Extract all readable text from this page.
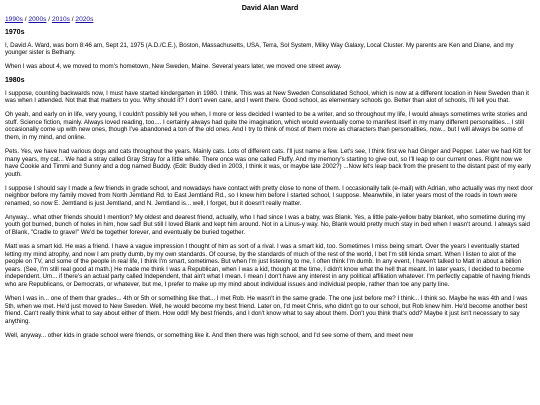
David Alan Ward
1990s / 2000s / 2010s / 2020s
1970s

I, David A. Ward, was born 8:46 am, Sept 21, 1975 (A.D./C.E.), Boston, Massachusetts, USA, Terra, Sol System, Milky Way Galaxy, Local Cluster. My parents are Ken and Diane, and my younger sister is Bethany.

When I was about 4, we moved to mom's hometown, New Sweden, Maine. Several years later, we moved one street away.

1980s

I suppose, counting backwards now, I must have started kindergarten in 1980. I think. This was at New Sweden Consolidated School, which is now at a different location in New Sweden than it was when I attended. Not that that matters to you. Why should it? I don't even care, and I went there. Good school, as elementary schools go. Better than alot of schools, I'll tell you that.

Oh yeah, and early on in life, very young, I couldn't possibly tell you when, I more or less decided I wanted to be a writer, and so throughout my life, I would always sometimes write stories and stuff. Science fiction, mainly. Always loved reading, too.... I certainly always had quite the imagination, which would eventually come to manifest itself in my many different personalities... I still occasionally come up with new ones, though I've abandoned a ton of the old ones. And I try to think of most of them more as characters than personalities, now... but I will always be some of them, in my mind, and online.

Pets. Yes, we have had various dogs and cats throughout the years. Mainly cats. Lots of different cats. I'll just name a few. Let's see, I think first we had Ginger and Pepper. Later we had Kitt for many years, my cat... We had a stray called Gray Stray for a little while. There once was one called Fluffy. And my memory's starting to give out, so I'll leap to our current ones. Right now we have Cookie and Timmi and Sunny and a dog named Buddy. (Edit: Buddy died in 2003, I think it was, or maybe late 2002?) ...Now let's leap back from the present to the distant past of my early youth.

I suppose I should say I made a few friends in grade school, and nowadays have contact with pretty close to none of them. I occasionally talk (e-mail) with Adrian, who actually was my next door neighbor before my family moved from North Jemtland Rd. to East Jemtland Rd., so I knew him before I started school, I suppose. Meanwhile, in later years most of the roads in town were renamed, so now E. Jemtland is just Jemtland, and N. Jemtland is... well, I forget, but it doesn't really matter.

Anyway... what other friends should I mention? My oldest and dearest friend, actually, who I had since I was a baby, was Blank. Yes, a little pale-yellow baby blanket, who sometime during my youth got burned, bunch of holes in him, how sad! But still I loved Blank and kept him around. Not in a Linus-y way. No, Blank would pretty much stay in bed when I wasn't around. I always said of Blank, "Cradle to grave!" We'd be together forever, and eventually be buried together.

Matt was a smart kid. He was a friend. I have a vague impression I thought of him as sort of a rival. I was a smart kid, too. Sometimes I miss being smart. Over the years I eventually started letting my mind atrophy, and now I am pretty dumb, by my own standards. Of course, by the standards of much of the rest of the world, I bet I'm still kinda smart. When I listen to alot of the people on TV, and some of the people in real life, I think I'm smart, sometimes. But when I'm just listening to me, I often think I'm dumb. In any event, I haven't talked to Matt in about a billion years. (See, I'm still real good at math.) He made me think I was a Republican, when I was a kid, though at the time, I didn't know what the hell that meant. In later years, I decided to become independent. Um... if there's an actual party called Independent, that ain't what I mean. I mean I don't have any interest in any political affiliation whatever. I'm perfectly capable of having friends who are Republicans, or Democrats, or whatever, but me, I prefer to make up my mind about individual issues and individual people, rather than toe any party line.

When I was in... one of them thar grades... 4th or 5th or something like that... I met Rob. He wasn't in the same grade. The one just before me? I think... I think so. Maybe he was 4th and I was 5th, when we met. He'd just moved to New Sweden. Well, he would become my best friend. Later on, I'd meet Chris, who didn't go to our school, but Rob knew him. He'd become another best friend. Can't really think what to say about either of them. How odd! My best friends, and I don't know what to say about them. Don't you think that's odd? Maybe it just isn't necessary to say anything.

Well, anyway... other kids in grade school were friends, or something like it. And then there was high school, and I'd see some of them, and meet new
